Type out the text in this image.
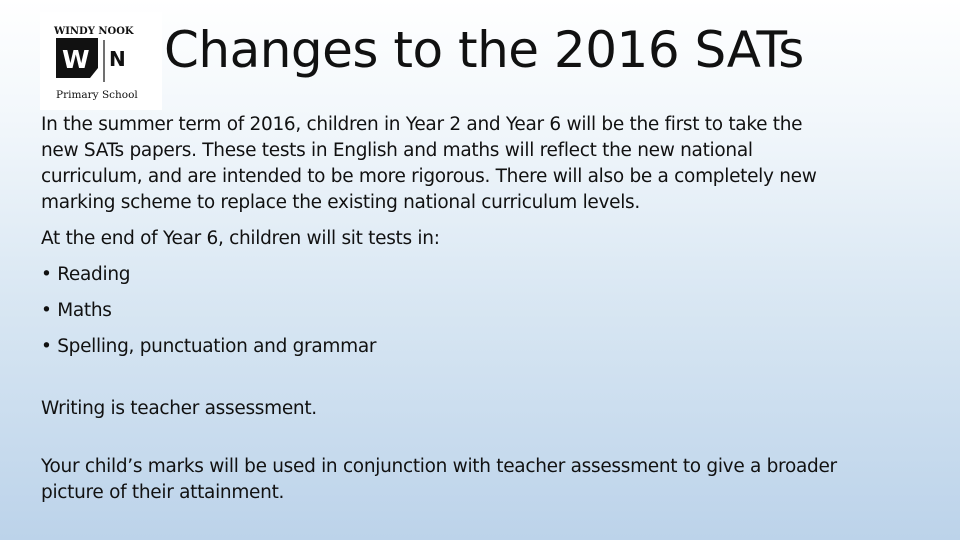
WINDY NOOK
W N
Primary School
Changes to the 2016 SATs

In the summer term of 2016, children in Year 2 and Year 6 will be the first to take the new SATs papers. These tests in English and maths will reflect the new national curriculum, and are intended to be more rigorous. There will also be a completely new marking scheme to replace the existing national curriculum levels.

At the end of Year 6, children will sit tests in:

• Reading

• Maths

• Spelling, punctuation and grammar

Writing is teacher assessment.

Your child’s marks will be used in conjunction with teacher assessment to give a broader picture of their attainment.
